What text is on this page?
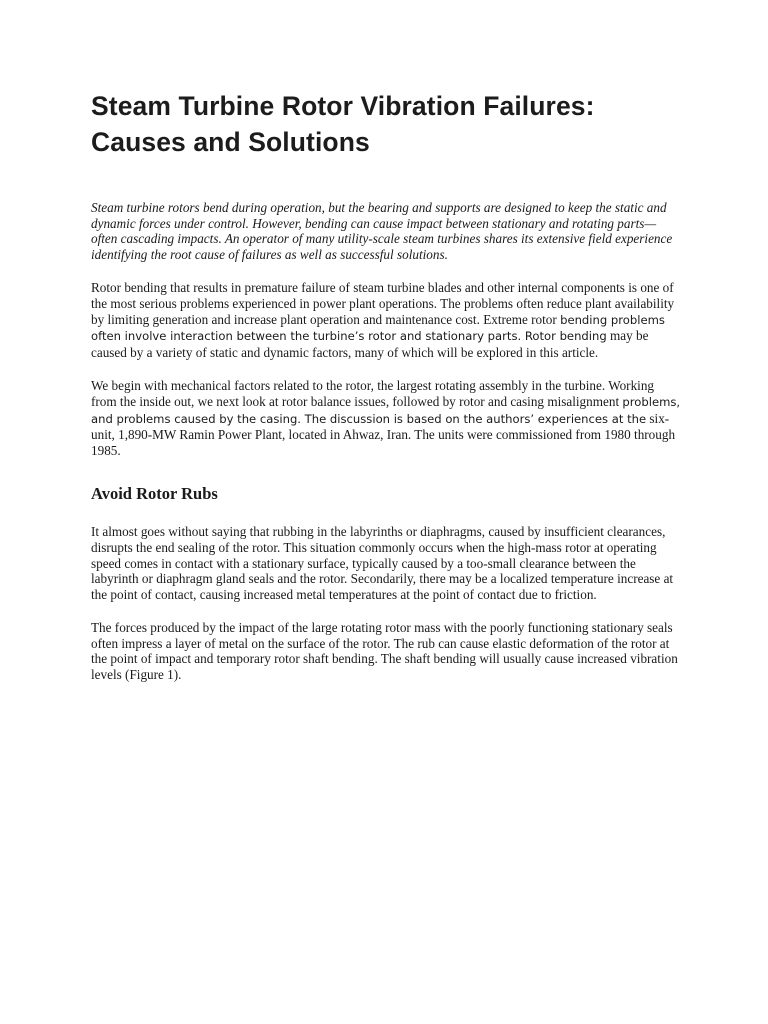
Steam Turbine Rotor Vibration Failures: Causes and Solutions

Steam turbine rotors bend during operation, but the bearing and supports are designed to keep the static and dynamic forces under control. However, bending can cause impact between stationary and rotating parts—often cascading impacts. An operator of many utility-scale steam turbines shares its extensive field experience identifying the root cause of failures as well as successful solutions.

Rotor bending that results in premature failure of steam turbine blades and other internal components is one of the most serious problems experienced in power plant operations. The problems often reduce plant availability by limiting generation and increase plant operation and maintenance cost. Extreme rotor bending problems often involve interaction between the turbine’s rotor and stationary parts. Rotor bending may be caused by a variety of static and dynamic factors, many of which will be explored in this article.

We begin with mechanical factors related to the rotor, the largest rotating assembly in the turbine. Working from the inside out, we next look at rotor balance issues, followed by rotor and casing misalignment problems, and problems caused by the casing. The discussion is based on the authors’ experiences at the six-unit, 1,890-MW Ramin Power Plant, located in Ahwaz, Iran. The units were commissioned from 1980 through 1985.

Avoid Rotor Rubs

It almost goes without saying that rubbing in the labyrinths or diaphragms, caused by insufficient clearances, disrupts the end sealing of the rotor. This situation commonly occurs when the high-mass rotor at operating speed comes in contact with a stationary surface, typically caused by a too-small clearance between the labyrinth or diaphragm gland seals and the rotor. Secondarily, there may be a localized temperature increase at the point of contact, causing increased metal temperatures at the point of contact due to friction.

The forces produced by the impact of the large rotating rotor mass with the poorly functioning stationary seals often impress a layer of metal on the surface of the rotor. The rub can cause elastic deformation of the rotor at the point of impact and temporary rotor shaft bending. The shaft bending will usually cause increased vibration levels (Figure 1).
